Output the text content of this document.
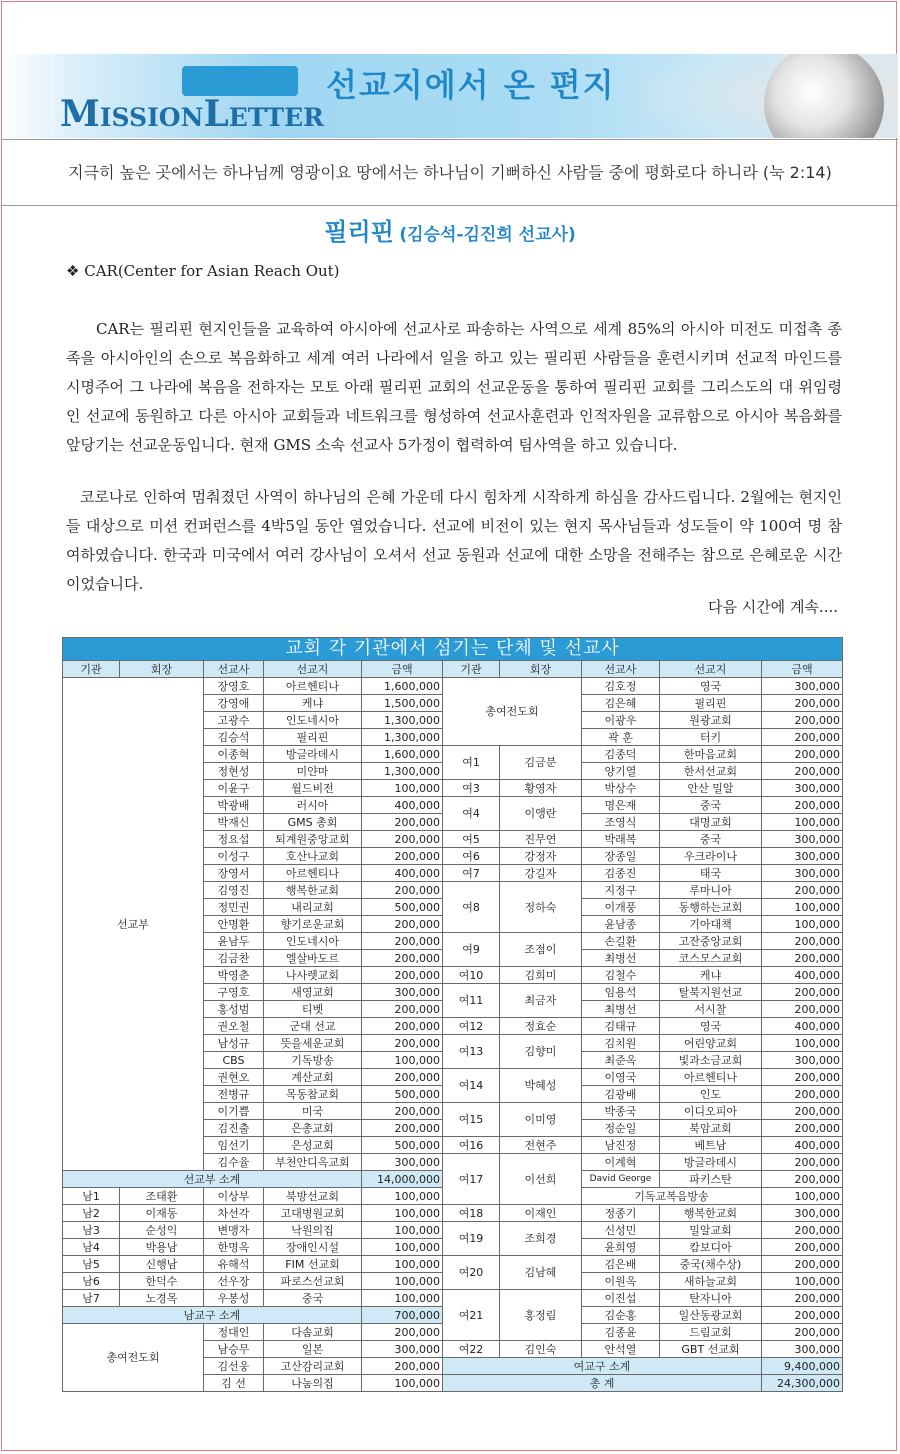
MISSIONLETTER
선교지에서 온 편지
지극히 높은 곳에서는 하나님께 영광이요 땅에서는 하나님이 기뻐하신 사람들 중에 평화로다 하니라 (눅 2:14)
필리핀 (김승석-김진희 선교사)
❖ CAR(Center for Asian Reach Out)

CAR는 필리핀 현지인들을 교육하여 아시아에 선교사로 파송하는 사역으로 세계 85%의 아시아 미전도 미접촉 종족을 아시아인의 손으로 복음화하고 세계 여러 나라에서 일을 하고 있는 필리핀 사람들을 훈련시키며 선교적 마인드를 시명주어 그 나라에 복음을 전하자는 모토 아래 필리핀 교회의 선교운동을 통하여 필리핀 교회를 그리스도의 대 위임령인 선교에 동원하고 다른 아시아 교회들과 네트워크를 형성하여 선교사훈련과 인적자원을 교류함으로 아시아 복음화를 앞당기는 선교운동입니다. 현재 GMS 소속 선교사 5가정이 협력하여 팀사역을 하고 있습니다.

코로나로 인하여 멈춰졌던 사역이 하나님의 은혜 가운데 다시 힘차게 시작하게 하심을 감사드립니다. 2월에는 현지인들 대상으로 미션 컨퍼런스를 4박5일 동안 열었습니다. 선교에 비전이 있는 현지 목사님들과 성도들이 약 100여 명 참여하였습니다. 한국과 미국에서 여러 강사님이 오셔서 선교 동원과 선교에 대한 소망을 전해주는 참으로 은혜로운 시간이었습니다.

다음 시간에 계속....
교회 각 기관에서 섬기는 단체 및 선교사									
기관	회장	선교사	선교지	금액	기관	회장	선교사	선교지	금액
선교부		장영호	아르헨티나	1,600,000	총여전도회		김호정	영국	300,000
		강영애	케냐	1,500,000			김은혜	필리핀	200,000
		고광수	인도네시아	1,300,000			이광우	원광교회	200,000
		김승석	필리핀	1,300,000			곽 훈	터키	200,000
		이종혁	방글라데시	1,600,000	여1	김금분	김종덕	한마음교회	200,000
		정현성	미얀마	1,300,000			양기열	한서선교회	200,000
		이윤구	월드비전	100,000	여3	황영자	박상수	안산 밀알	300,000
		박광배	러시아	400,000	여4	이앵란	명은재	중국	200,000
		박재신	GMS 총회	200,000			조영식	대명교회	100,000
		정요섭	퇴계원중앙교회	200,000	여5	진무연	박래복	중국	300,000
		이성구	호산나교회	200,000	여6	강정자	장종일	우크라이나	300,000
		장영서	아르헨티나	400,000	여7	강길자	김종진	태국	300,000
		김영진	행복한교회	200,000	여8	정하숙	지정구	루마니아	200,000
		정민권	내리교회	500,000			이개풍	동행하는교회	100,000
		안명환	향기로운교회	200,000			윤남종	기아대책	100,000
		윤남두	인도네시아	200,000	여9	조점이	손길환	고잔중앙교회	200,000
		김금찬	엘살바도르	200,000			최병선	코스모스교회	200,000
		박영춘	나사렛교회	200,000	여10	김희미	김철수	케냐	400,000
		구영호	새영교회	300,000	여11	최금자	임용석	탈북지원선교	200,000
		홍성범	티벳	200,000			최병선	서시찰	200,000
		권오철	군대 선교	200,000	여12	정효순	김태규	영국	400,000
		남성규	뜻을세운교회	200,000	여13	김향미	김치원	어린양교회	100,000
		CBS	기독방송	100,000			최준옥	빛과소금교회	300,000
		권현오	계산교회	200,000	여14	박혜성	이영국	아르헨티나	200,000
		전병규	목동참교회	500,000			김광배	인도	200,000
		이기쁨	미국	200,000	여15	이미영	박종국	이디오피아	200,000
		김진출	은총교회	200,000			정순일	북암교회	200,000
		임선기	은성교회	500,000	여16	전현주	남진정	베트남	400,000
		김수율	부천안디옥교회	300,000	여17	이선희	이계혁	방글라데시	200,000
선교부 소계				14,000,000			David George	파키스탄	200,000
남1	조태환	이상부	북방선교회	100,000			기독교복음방송		100,000
남2	이재동	차선각	고대병원교회	100,000	여18	이재인	정종기	행복한교회	300,000
남3	순성익	변맹자	낙원의집	100,000	여19	조희경	신성민	밀알교회	200,000
남4	박용남	한명옥	장애인시설	100,000			윤희영	캄보디아	200,000
남5	신행남	유해석	FIM 선교회	100,000	여20	김남혜	김은배	중국(채수상)	200,000
남6	한덕수	선우장	파로스선교회	100,000			이원옥	새하늘교회	100,000
남7	노경목	우봉성	중국	100,000	여21	홍정림	이진섭	탄자니아	200,000
남교구 소계				700,000			김순홍	일산동광교회	200,000
총여전도회		정대인	다솜교회	200,000			김종윤	드림교회	200,000
		남승무	일본	300,000	여22	김인숙	안석열	GBT 선교회	300,000
		김선웅	고산감리교회	200,000	여교구 소계				9,400,000
		김 선	나눔의집	100,000	총 계				24,300,000
